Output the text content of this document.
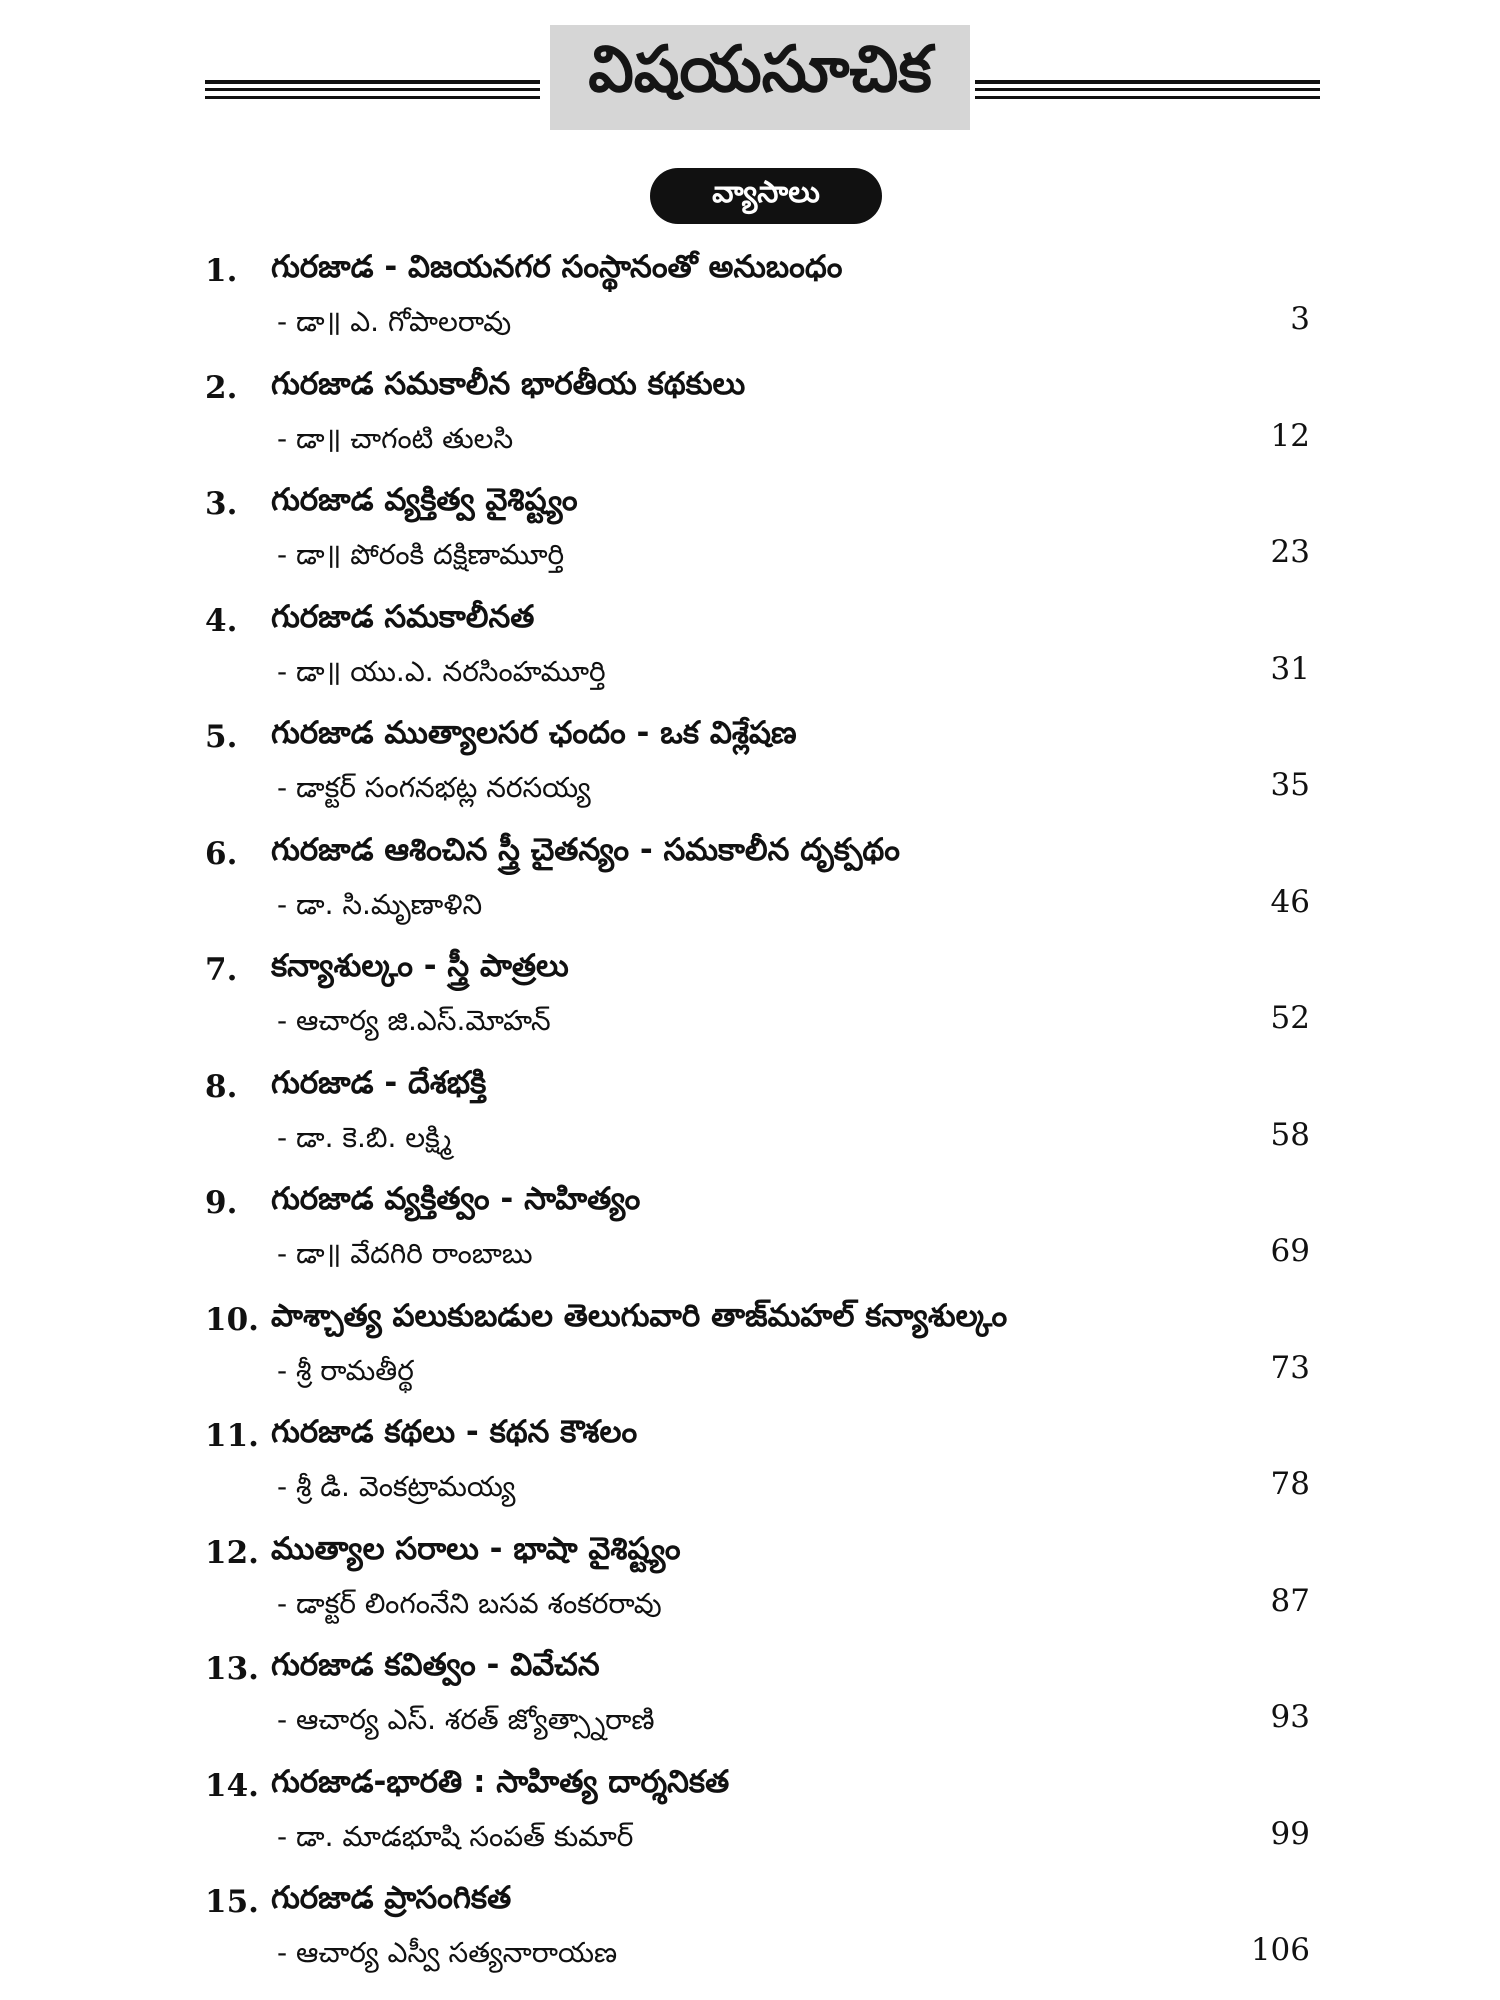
విషయసూచిక
వ్యాసాలు
1. గురజాడ - విజయనగర సంస్థానంతో అనుబంధం
- డా॥ ఎ. గోపాలరావు	3
2. గురజాడ సమకాలీన భారతీయ కథకులు
- డా॥ చాగంటి తులసి	12
3. గురజాడ వ్యక్తిత్వ వైశిష్ట్యం
- డా॥ పోరంకి దక్షిణామూర్తి	23
4. గురజాడ సమకాలీనత
- డా॥ యు.ఎ. నరసింహమూర్తి	31
5. గురజాడ ముత్యాలసర ఛందం - ఒక విశ్లేషణ
- డాక్టర్ సంగనభట్ల నరసయ్య	35
6. గురజాడ ఆశించిన స్త్రీ చైతన్యం - సమకాలీన దృక్పథం
- డా. సి.మృణాళిని	46
7. కన్యాశుల్కం - స్త్రీ పాత్రలు
- ఆచార్య జి.ఎస్.మోహన్	52
8. గురజాడ - దేశభక్తి
- డా. కె.బి. లక్ష్మి	58
9. గురజాడ వ్యక్తిత్వం - సాహిత్యం
- డా॥ వేదగిరి రాంబాబు	69
10. పాశ్చాత్య పలుకుబడుల తెలుగువారి తాజ్‌మహల్ కన్యాశుల్కం
- శ్రీ రామతీర్థ	73
11. గురజాడ కథలు - కథన కౌశలం
- శ్రీ డి. వెంకట్రామయ్య	78
12. ముత్యాల సరాలు - భాషా వైశిష్ట్యం
- డాక్టర్ లింగంనేని బసవ శంకరరావు	87
13. గురజాడ కవిత్వం - వివేచన
- ఆచార్య ఎస్. శరత్ జ్యోత్స్నారాణి	93
14. గురజాడ-భారతి : సాహిత్య దార్శనికత
- డా. మాడభూషి సంపత్ కుమార్	99
15. గురజాడ ప్రాసంగికత
- ఆచార్య ఎస్వీ సత్యనారాయణ	106
